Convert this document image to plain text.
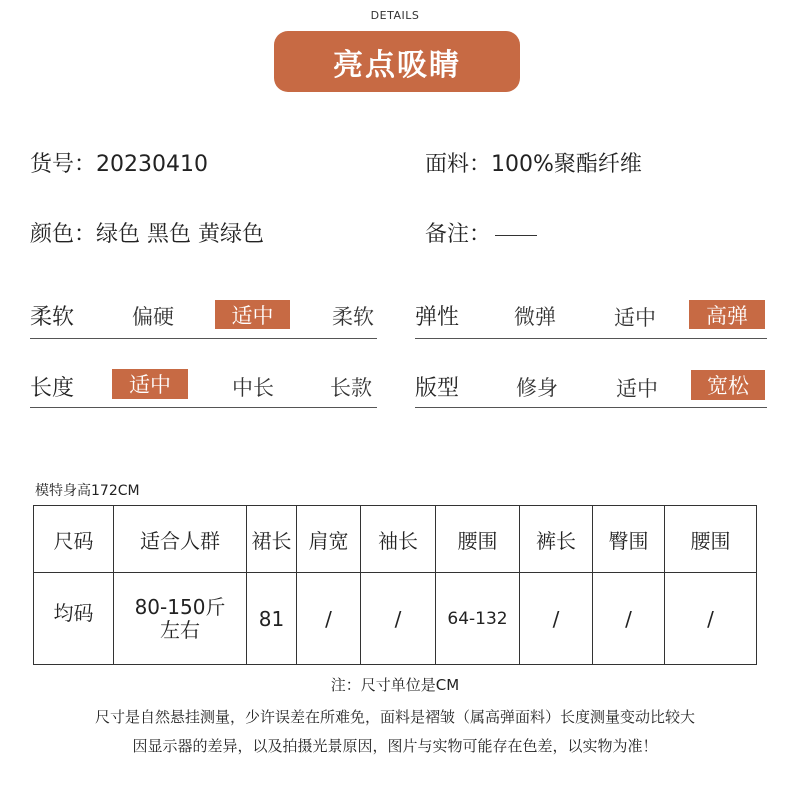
DETAILS
亮点吸睛
货号：20230410	面料：100%聚酯纤维
颜色：绿色 黑色 黄绿色	备注：
柔软	偏硬	适中	柔软	弹性	微弹	适中	高弹
长度	适中	中长	长款	版型	修身	适中	宽松
模特身高172CM
尺码	适合人群	裙长	肩宽	袖长	腰围	裤长	臀围	腰围
均码	80-150斤 左右	81	/	/	64-132	/	/	/
注：尺寸单位是CM
尺寸是自然悬挂测量，少许误差在所难免，面料是褶皱（属高弹面料）长度测量变动比较大
因显示器的差异，以及拍摄光景原因，图片与实物可能存在色差，以实物为准！
